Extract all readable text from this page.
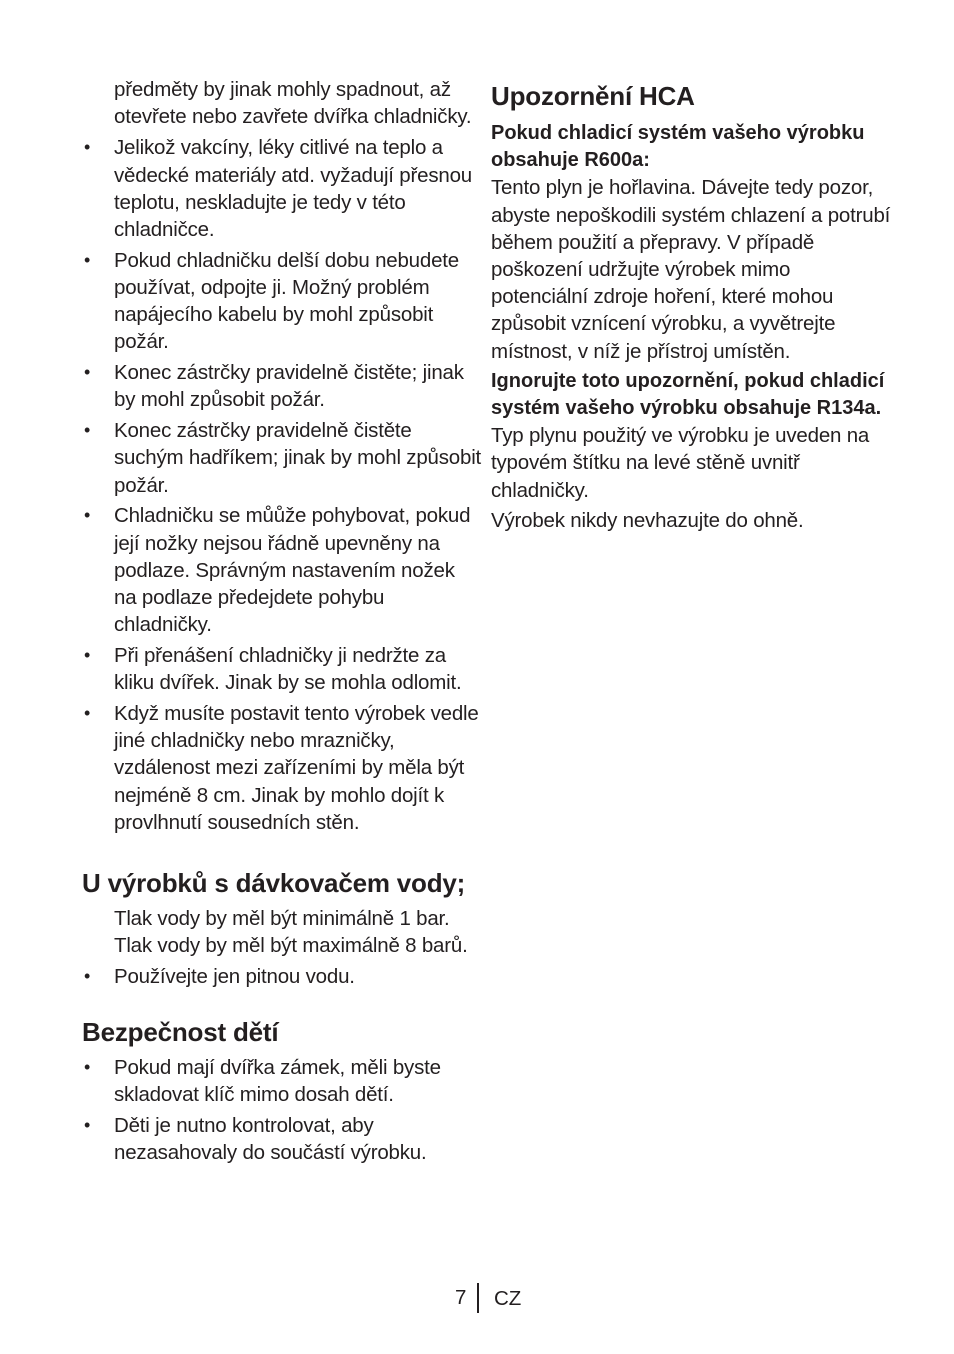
předměty by jinak mohly spadnout, až otevřete nebo zavřete dvířka chladničky.

• Jelikož vakcíny, léky citlivé na teplo a vědecké materiály atd. vyžadují přesnou teplotu, neskladujte je tedy v této chladničce.
• Pokud chladničku delší dobu nebudete používat, odpojte ji. Možný problém napájecího kabelu by mohl způsobit požár.
• Konec zástrčky pravidelně čistěte; jinak by mohl způsobit požár.
• Konec zástrčky pravidelně čistěte suchým hadříkem; jinak by mohl způsobit požár.
• Chladničku se můůže pohybovat, pokud její nožky nejsou řádně upevněny na podlaze. Správným nastavením nožek na podlaze předejdete pohybu chladničky.
• Při přenášení chladničky ji nedržte za kliku dvířek. Jinak by se mohla odlomit.
• Když musíte postavit tento výrobek vedle jiné chladničky nebo mrazničky, vzdálenost mezi zařízeními by měla být nejméně 8 cm. Jinak by mohlo dojít k provlhnutí sousedních stěn.
U výrobků s dávkovačem vody;

Tlak vody by měl být minimálně 1 bar. Tlak vody by měl být maximálně 8 barů.

• Používejte jen pitnou vodu.
Bezpečnost dětí
• Pokud mají dvířka zámek, měli byste skladovat klíč mimo dosah dětí.
• Děti je nutno kontrolovat, aby nezasahovaly do součástí výrobku.
Upozornění HCA

Pokud chladicí systém vašeho výrobku obsahuje R600a:

Tento plyn je hořlavina. Dávejte tedy pozor, abyste nepoškodili systém chlazení a potrubí během použití a přepravy. V případě poškození udržujte výrobek mimo potenciální zdroje hoření, které mohou způsobit vznícení výrobku, a vyvětrejte místnost, v níž je přístroj umístěn.

Ignorujte toto upozornění, pokud chladicí systém vašeho výrobku obsahuje R134a.

Typ plynu použitý ve výrobku je uveden na typovém štítku na levé stěně uvnitř chladničky.

Výrobek nikdy nevhazujte do ohně.

7 CZ
